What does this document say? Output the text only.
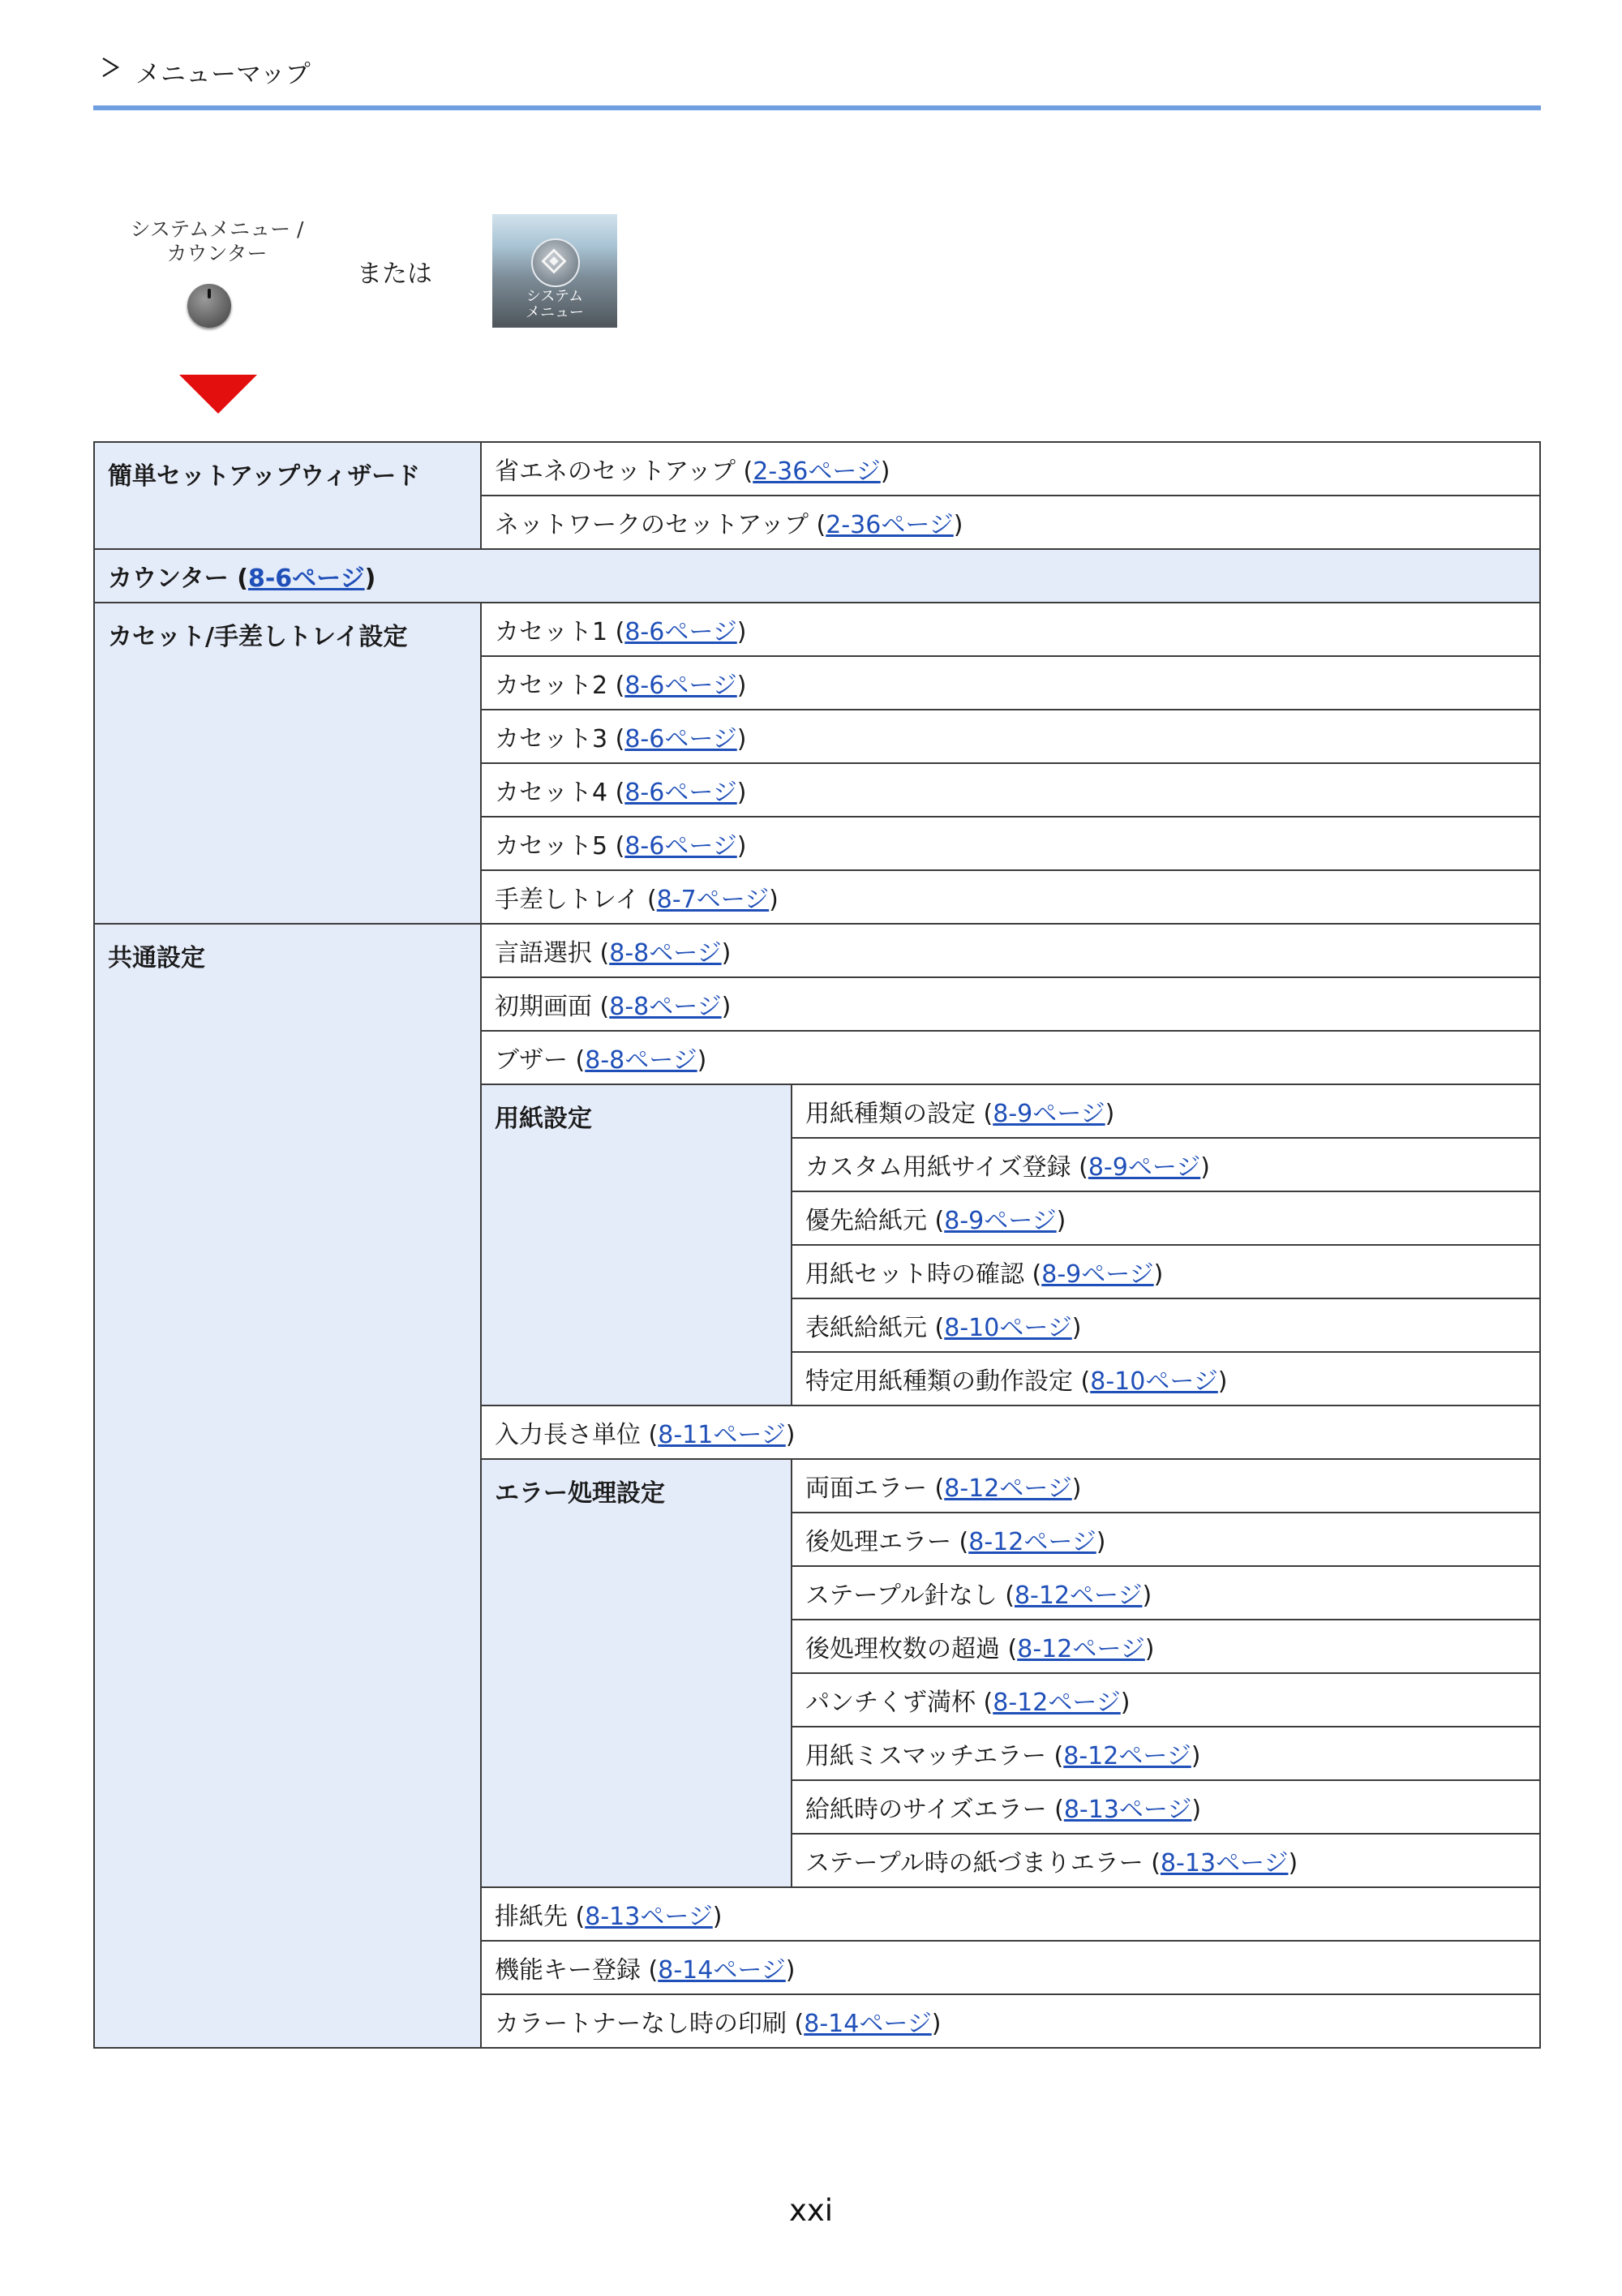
メニューマップ
システムメニュー /
カウンター
または
システム
メニュー
簡単セットアップウィザード	省エネのセットアップ (2-36ページ)	
	ネットワークのセットアップ (2-36ページ)	
カウンター (8-6ページ)		
カセット/手差しトレイ設定	カセット1 (8-6ページ)	
	カセット2 (8-6ページ)	
	カセット3 (8-6ページ)	
	カセット4 (8-6ページ)	
	カセット5 (8-6ページ)	
	手差しトレイ (8-7ページ)	
共通設定	言語選択 (8-8ページ)	
	初期画面 (8-8ページ)	
	ブザー (8-8ページ)	
	用紙設定	用紙種類の設定 (8-9ページ)
		カスタム用紙サイズ登録 (8-9ページ)
		優先給紙元 (8-9ページ)
		用紙セット時の確認 (8-9ページ)
		表紙給紙元 (8-10ページ)
		特定用紙種類の動作設定 (8-10ページ)
	入力長さ単位 (8-11ページ)	
	エラー処理設定	両面エラー (8-12ページ)
		後処理エラー (8-12ページ)
		ステープル針なし (8-12ページ)
		後処理枚数の超過 (8-12ページ)
		パンチくず満杯 (8-12ページ)
		用紙ミスマッチエラー (8-12ページ)
		給紙時のサイズエラー (8-13ページ)
		ステープル時の紙づまりエラー (8-13ページ)
	排紙先 (8-13ページ)	
	機能キー登録 (8-14ページ)	
	カラートナーなし時の印刷 (8-14ページ)	
xxi
